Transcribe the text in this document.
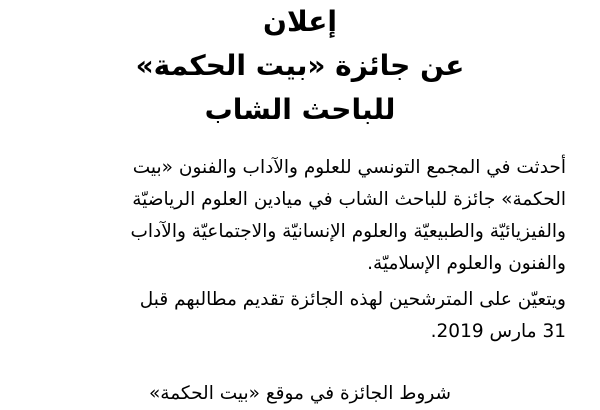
إعلان
عن جائزة «بيت الحكمة»
للباحث الشاب
أحدثت في المجمع التونسي للعلوم والآداب والفنون «بيت
الحكمة» جائزة للباحث الشاب في ميادين العلوم الرياضيّة
والفيزيائيّة والطبيعيّة والعلوم الإنسانيّة والاجتماعيّة والآداب
والفنون والعلوم الإسلاميّة.
ويتعيّن على المترشحين لهذه الجائزة تقديم مطالبهم قبل
31 مارس 2019.
شروط الجائزة في موقع «بيت الحكمة»
